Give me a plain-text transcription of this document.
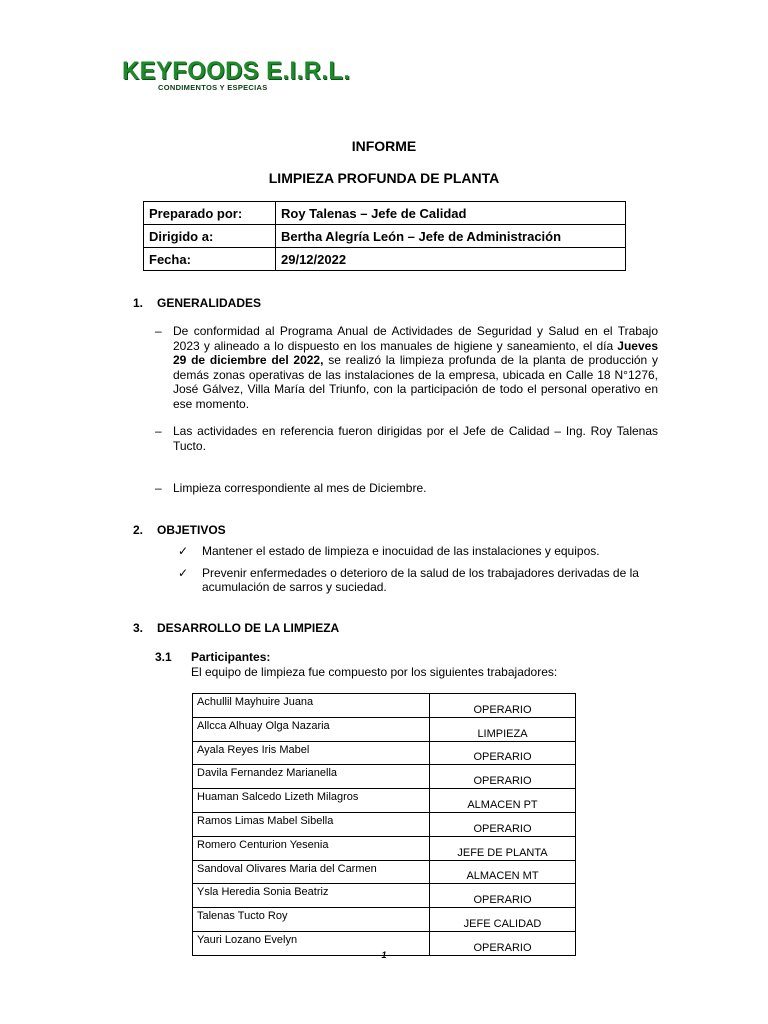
KEYFOODS E.I.R.L.
CONDIMENTOS Y ESPECIAS
INFORME
LIMPIEZA PROFUNDA DE PLANTA
Preparado por:	Roy Talenas – Jefe de Calidad
Dirigido a:	Bertha Alegría León – Jefe de Administración
Fecha:	29/12/2022
1. GENERALIDADES
– De conformidad al Programa Anual de Actividades de Seguridad y Salud en el Trabajo 2023 y alineado a lo dispuesto en los manuales de higiene y saneamiento, el día Jueves 29 de diciembre del 2022, se realizó la limpieza profunda de la planta de producción y demás zonas operativas de las instalaciones de la empresa, ubicada en Calle 18 N°1276, José Gálvez, Villa María del Triunfo, con la participación de todo el personal operativo en ese momento.
– Las actividades en referencia fueron dirigidas por el Jefe de Calidad – Ing. Roy Talenas Tucto.
– Limpieza correspondiente al mes de Diciembre.
2. OBJETIVOS
✓ Mantener el estado de limpieza e inocuidad de las instalaciones y equipos.
✓ Prevenir enfermedades o deterioro de la salud de los trabajadores derivadas de la acumulación de sarros y suciedad.
3. DESARROLLO DE LA LIMPIEZA
3.1 Participantes:
El equipo de limpieza fue compuesto por los siguientes trabajadores:
Achullil Mayhuire Juana	OPERARIO
Allcca Alhuay Olga Nazaria	LIMPIEZA
Ayala Reyes Iris Mabel	OPERARIO
Davila Fernandez Marianella	OPERARIO
Huaman Salcedo Lizeth Milagros	ALMACEN PT
Ramos Limas Mabel Sibella	OPERARIO
Romero Centurion Yesenia	JEFE DE PLANTA
Sandoval Olivares Maria del Carmen	ALMACEN MT
Ysla Heredia Sonia Beatriz	OPERARIO
Talenas Tucto Roy	JEFE CALIDAD
Yauri Lozano Evelyn	OPERARIO
1
